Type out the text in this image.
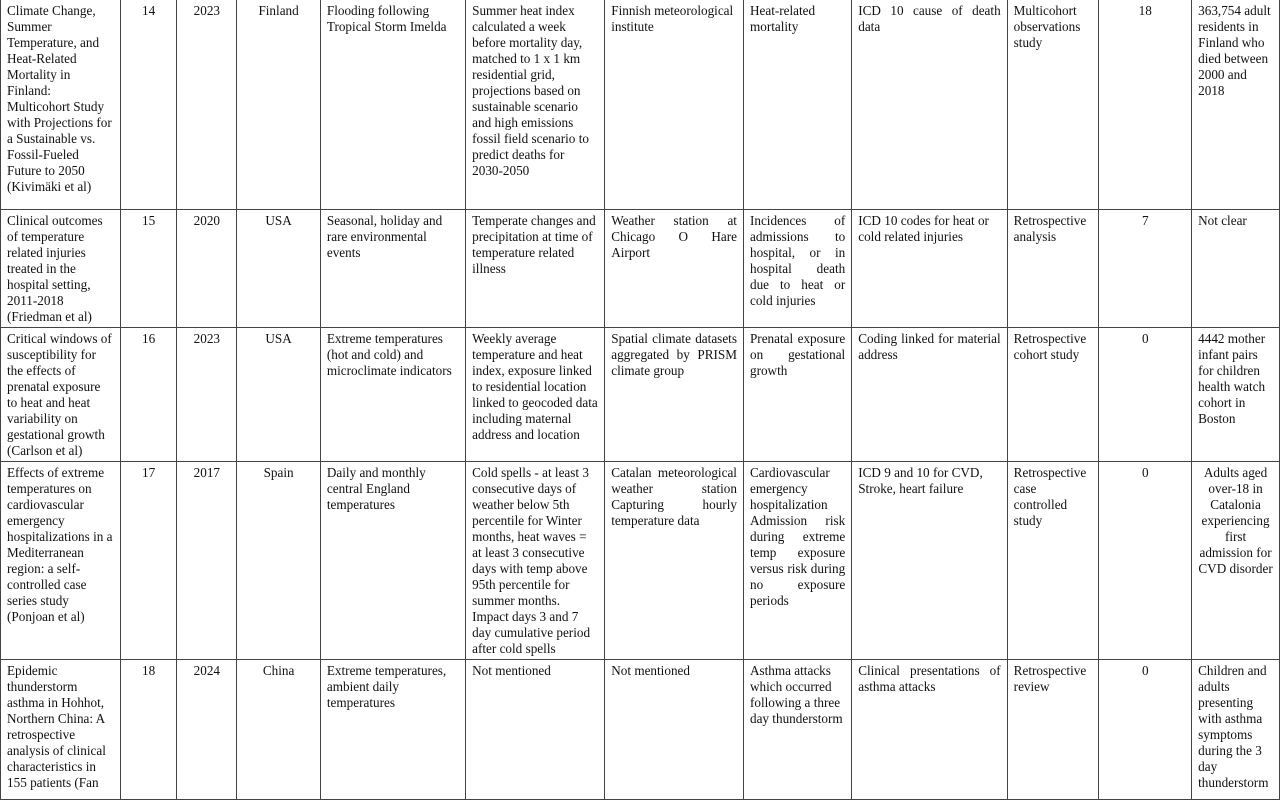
Climate Change, Summer Temperature, and Heat-Related Mortality in Finland: Multicohort Study with Projections for a Sustainable vs. Fossil-Fueled Future to 2050 (Kivimäki et al)	14	2023	Finland	Flooding following Tropical Storm Imelda	Summer heat index calculated a week before mortality day, matched to 1 x 1 km residential grid, projections based on sustainable scenario and high emissions fossil field scenario to predict deaths for 2030-2050	Finnish meteorological institute	Heat-related mortality	ICD 10 cause of death data	Multicohort observations study	18	363,754 adult residents in Finland who died between 2000 and 2018
Clinical outcomes of temperature related injuries treated in the hospital setting, 2011-2018 (Friedman et al)	15	2020	USA	Seasonal, holiday and rare environmental events	Temperate changes and precipitation at time of temperature related illness	Weather station at Chicago O Hare Airport	Incidences of admissions to hospital, or in hospital death due to heat or cold injuries	ICD 10 codes for heat or cold related injuries	Retrospective analysis	7	Not clear
Critical windows of susceptibility for the effects of prenatal exposure to heat and heat variability on gestational growth (Carlson et al)	16	2023	USA	Extreme temperatures (hot and cold) and microclimate indicators	Weekly average temperature and heat index, exposure linked to residential location linked to geocoded data including maternal address and location	Spatial climate datasets aggregated by PRISM climate group	Prenatal exposure on gestational growth	Coding linked for material address	Retrospective cohort study	0	4442 mother infant pairs for children health watch cohort in Boston
Effects of extreme temperatures on cardiovascular emergency hospitalizations in a Mediterranean region: a self-controlled case series study (Ponjoan et al)	17	2017	Spain	Daily and monthly central England temperatures	Cold spells - at least 3 consecutive days of weather below 5th percentile for Winter months, heat waves = at least 3 consecutive days with temp above 95th percentile for summer months. Impact days 3 and 7 day cumulative period after cold spells	Catalan meteorological weather station Capturing hourly temperature data	Cardiovascular emergency hospitalization Admission risk during extreme temp exposure versus risk during no exposure periods	ICD 9 and 10 for CVD, Stroke, heart failure	Retrospective case controlled study	0	Adults aged over-18 in Catalonia experiencing first admission for CVD disorder
Epidemic thunderstorm asthma in Hohhot, Northern China: A retrospective analysis of clinical characteristics in 155 patients (Fan	18	2024	China	Extreme temperatures, ambient daily temperatures	Not mentioned	Not mentioned	Asthma attacks which occurred following a three day thunderstorm	Clinical presentations of asthma attacks	Retrospective review	0	Children and adults presenting with asthma symptoms during the 3 day thunderstorm
